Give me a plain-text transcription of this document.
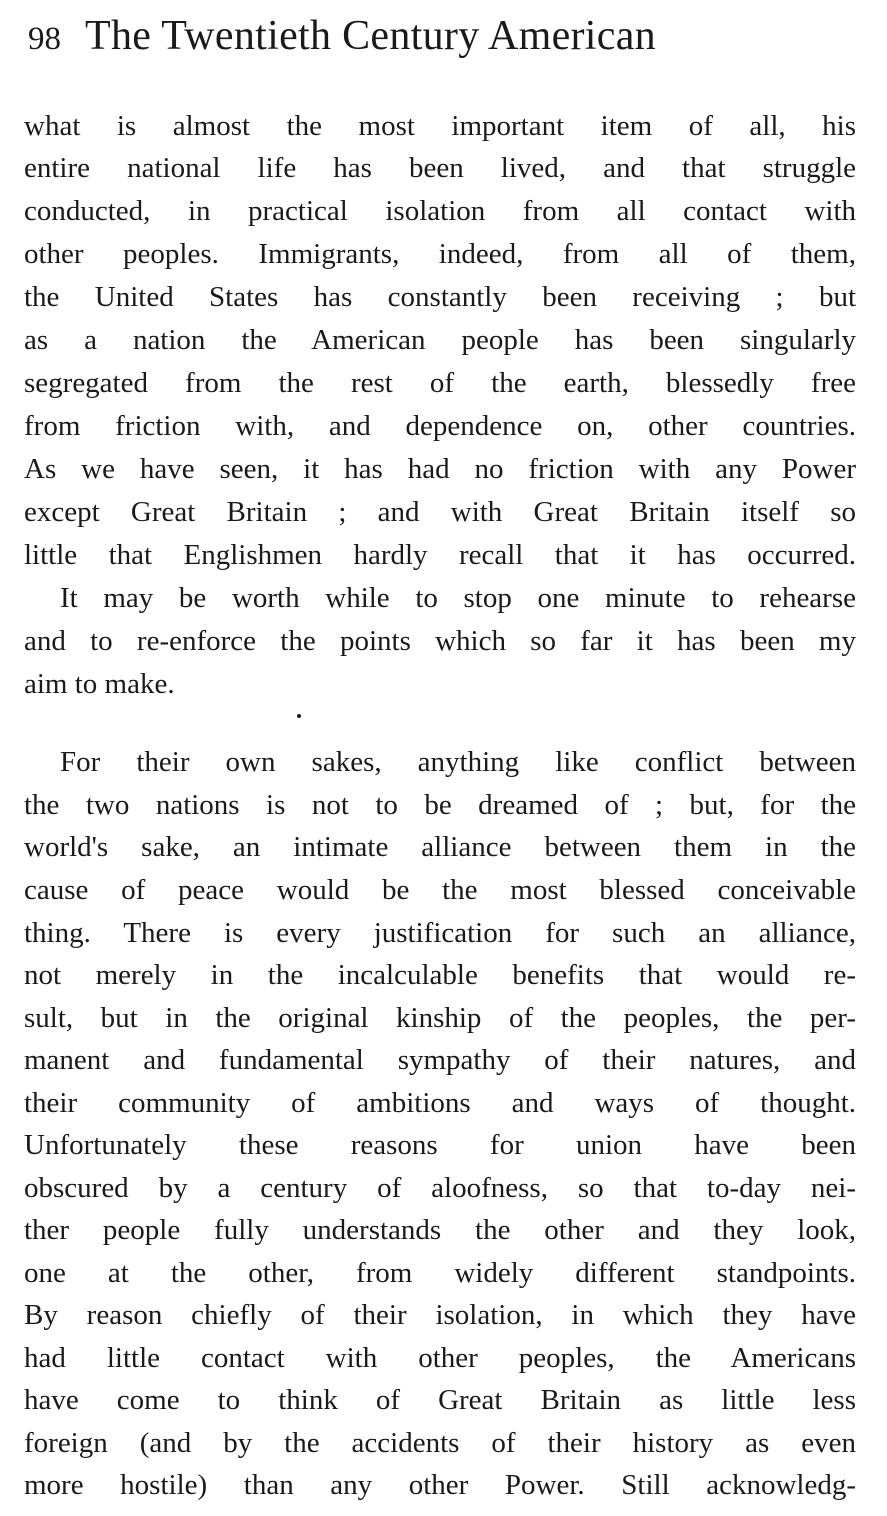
98 The Twentieth Century American
what is almost the most important item of all, his
entire national life has been lived, and that struggle
conducted, in practical isolation from all contact with
other peoples. Immigrants, indeed, from all of them,
the United States has constantly been receiving ; but
as a nation the American people has been singularly
segregated from the rest of the earth, blessedly free
from friction with, and dependence on, other countries.
As we have seen, it has had no friction with any Power
except Great Britain ; and with Great Britain itself so
little that Englishmen hardly recall that it has occurred.
It may be worth while to stop one minute to rehearse
and to re-enforce the points which so far it has been my
aim to make.
For their own sakes, anything like conflict between
the two nations is not to be dreamed of ; but, for the
world's sake, an intimate alliance between them in the
cause of peace would be the most blessed conceivable
thing. There is every justification for such an alliance,
not merely in the incalculable benefits that would re-
sult, but in the original kinship of the peoples, the per-
manent and fundamental sympathy of their natures, and
their community of ambitions and ways of thought.
Unfortunately these reasons for union have been
obscured by a century of aloofness, so that to-day nei-
ther people fully understands the other and they look,
one at the other, from widely different standpoints.
By reason chiefly of their isolation, in which they have
had little contact with other peoples, the Americans
have come to think of Great Britain as little less
foreign (and by the accidents of their history as even
more hostile) than any other Power. Still acknowledg-
